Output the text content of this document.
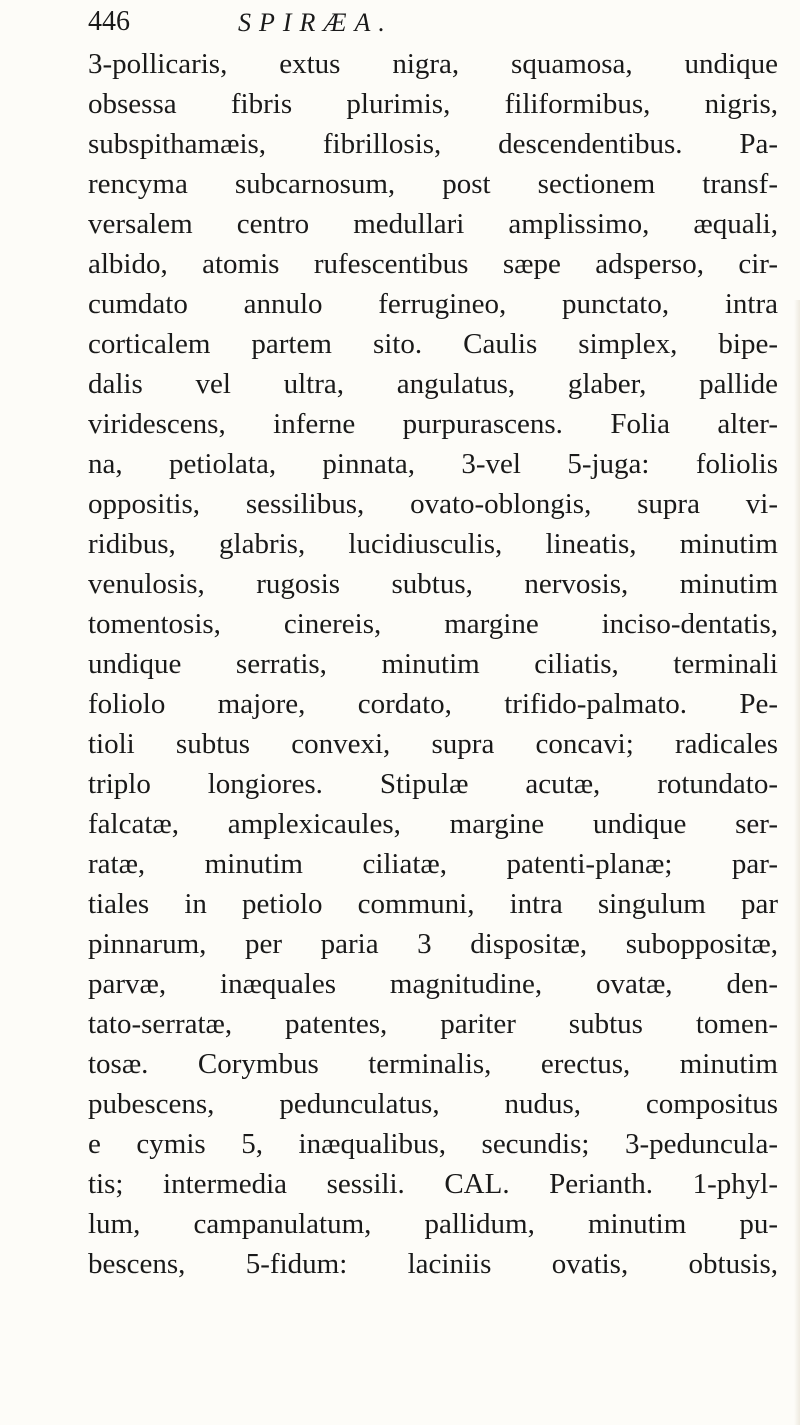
446	SPIRÆA.
3-pollicaris, extus nigra, squamosa, undique
obsessa fibris plurimis, filiformibus, nigris,
subspithamæis, fibrillosis, descendentibus. Pa-
rencyma subcarnosum, post sectionem transf-
versalem centro medullari amplissimo, æquali,
albido, atomis rufescentibus sæpe adsperso, cir-
cumdato annulo ferrugineo, punctato, intra
corticalem partem sito. Caulis simplex, bipe-
dalis vel ultra, angulatus, glaber, pallide
viridescens, inferne purpurascens. Folia alter-
na, petiolata, pinnata, 3-vel 5-juga: foliolis
oppositis, sessilibus, ovato-oblongis, supra vi-
ridibus, glabris, lucidiusculis, lineatis, minutim
venulosis, rugosis subtus, nervosis, minutim
tomentosis, cinereis, margine inciso-dentatis,
undique serratis, minutim ciliatis, terminali
foliolo majore, cordato, trifido-palmato. Pe-
tioli subtus convexi, supra concavi; radicales
triplo longiores. Stipulæ acutæ, rotundato-
falcatæ, amplexicaules, margine undique ser-
ratæ, minutim ciliatæ, patenti-planæ; par-
tiales in petiolo communi, intra singulum par
pinnarum, per paria 3 dispositæ, suboppositæ,
parvæ, inæquales magnitudine, ovatæ, den-
tato-serratæ, patentes, pariter subtus tomen-
tosæ. Corymbus terminalis, erectus, minutim
pubescens, pedunculatus, nudus, compositus
e cymis 5, inæqualibus, secundis; 3-peduncula-
tis; intermedia sessili. CAL. Perianth. 1-phyl-
lum, campanulatum, pallidum, minutim pu-
bescens, 5-fidum: laciniis ovatis, obtusis,
